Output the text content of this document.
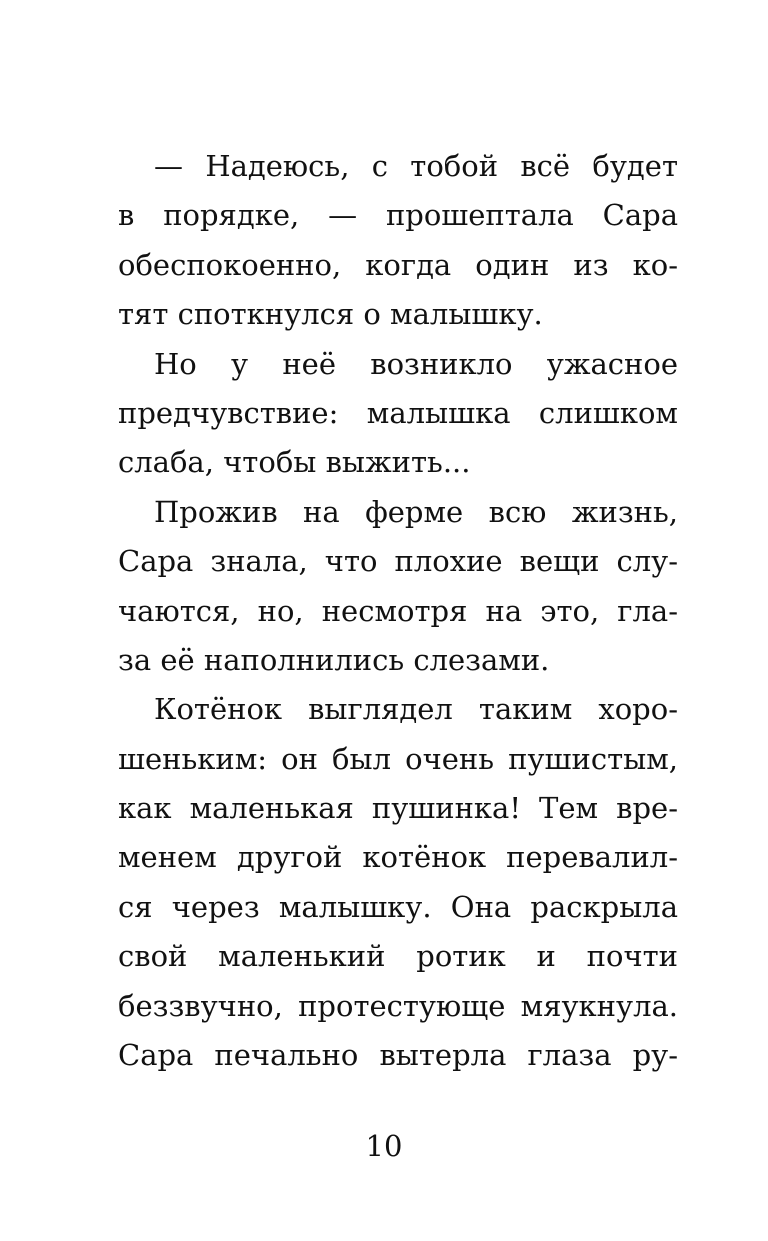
— Надеюсь, с тобой всё будет
в порядке, — прошептала Сара
обеспокоенно, когда один из ко-
тят споткнулся о малышку.
Но у неё возникло ужасное
предчувствие: малышка слишком
слаба, чтобы выжить...
Прожив на ферме всю жизнь,
Сара знала, что плохие вещи слу-
чаются, но, несмотря на это, гла-
за её наполнились слезами.
Котёнок выглядел таким хоро-
шеньким: он был очень пушистым,
как маленькая пушинка! Тем вре-
менем другой котёнок перевалил-
ся через малышку. Она раскрыла
свой маленький ротик и почти
беззвучно, протестующе мяукнула.
Сара печально вытерла глаза ру-
10
